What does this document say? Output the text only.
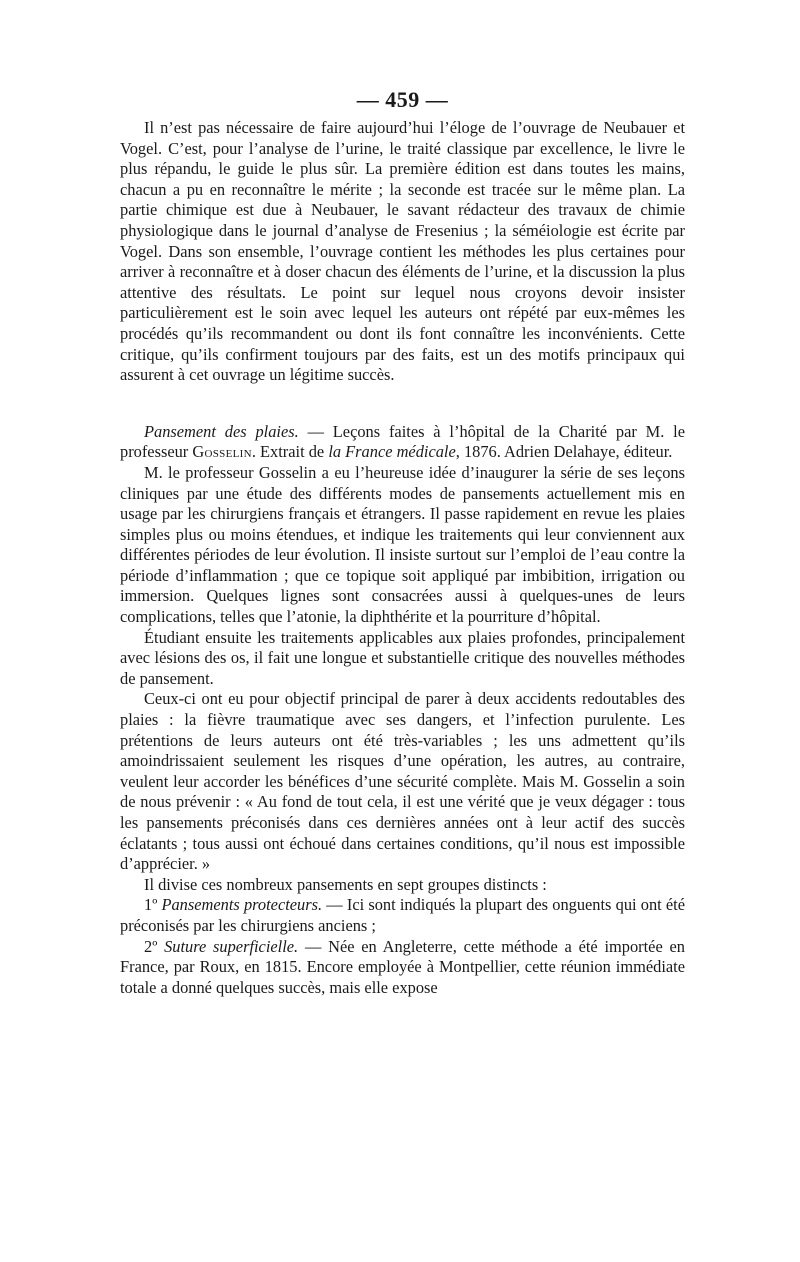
— 459 —

Il n’est pas nécessaire de faire aujourd’hui l’éloge de l’ouvrage de Neubauer et Vogel. C’est, pour l’analyse de l’urine, le traité classique par excellence, le livre le plus répandu, le guide le plus sûr. La première édition est dans toutes les mains, chacun a pu en reconnaître le mérite ; la seconde est tracée sur le même plan. La partie chimique est due à Neubauer, le savant rédacteur des travaux de chimie physiologique dans le journal d’analyse de Fresenius ; la séméiologie est écrite par Vogel. Dans son ensemble, l’ouvrage contient les méthodes les plus certaines pour arriver à reconnaître et à doser chacun des éléments de l’urine, et la discussion la plus attentive des résultats. Le point sur lequel nous croyons devoir insister particulièrement est le soin avec lequel les auteurs ont répété par eux-mêmes les procédés qu’ils recommandent ou dont ils font connaître les inconvénients. Cette critique, qu’ils confirment toujours par des faits, est un des motifs principaux qui assurent à cet ouvrage un légitime succès.

Pansement des plaies. — Leçons faites à l’hôpital de la Charité par M. le professeur Gosselin. Extrait de la France médicale, 1876. Adrien Delahaye, éditeur.

M. le professeur Gosselin a eu l’heureuse idée d’inaugurer la série de ses leçons cliniques par une étude des différents modes de pansements actuellement mis en usage par les chirurgiens français et étrangers. Il passe rapidement en revue les plaies simples plus ou moins étendues, et indique les traitements qui leur conviennent aux différentes périodes de leur évolution. Il insiste surtout sur l’emploi de l’eau contre la période d’inflammation ; que ce topique soit appliqué par imbibition, irrigation ou immersion. Quelques lignes sont consacrées aussi à quelques-unes de leurs complications, telles que l’atonie, la diphthérite et la pourriture d’hôpital.

Étudiant ensuite les traitements applicables aux plaies profondes, principalement avec lésions des os, il fait une longue et substantielle critique des nouvelles méthodes de pansement.

Ceux-ci ont eu pour objectif principal de parer à deux accidents redoutables des plaies : la fièvre traumatique avec ses dangers, et l’infection purulente. Les prétentions de leurs auteurs ont été très-variables ; les uns admettent qu’ils amoindrissaient seulement les risques d’une opération, les autres, au contraire, veulent leur accorder les bénéfices d’une sécurité complète. Mais M. Gosselin a soin de nous prévenir : « Au fond de tout cela, il est une vérité que je veux dégager : tous les pansements préconisés dans ces dernières années ont à leur actif des succès éclatants ; tous aussi ont échoué dans certaines conditions, qu’il nous est impossible d’apprécier. »

Il divise ces nombreux pansements en sept groupes distincts :

1º Pansements protecteurs. — Ici sont indiqués la plupart des onguents qui ont été préconisés par les chirurgiens anciens ;

2º Suture superficielle. — Née en Angleterre, cette méthode a été importée en France, par Roux, en 1815. Encore employée à Montpellier, cette réunion immédiate totale a donné quelques succès, mais elle expose
